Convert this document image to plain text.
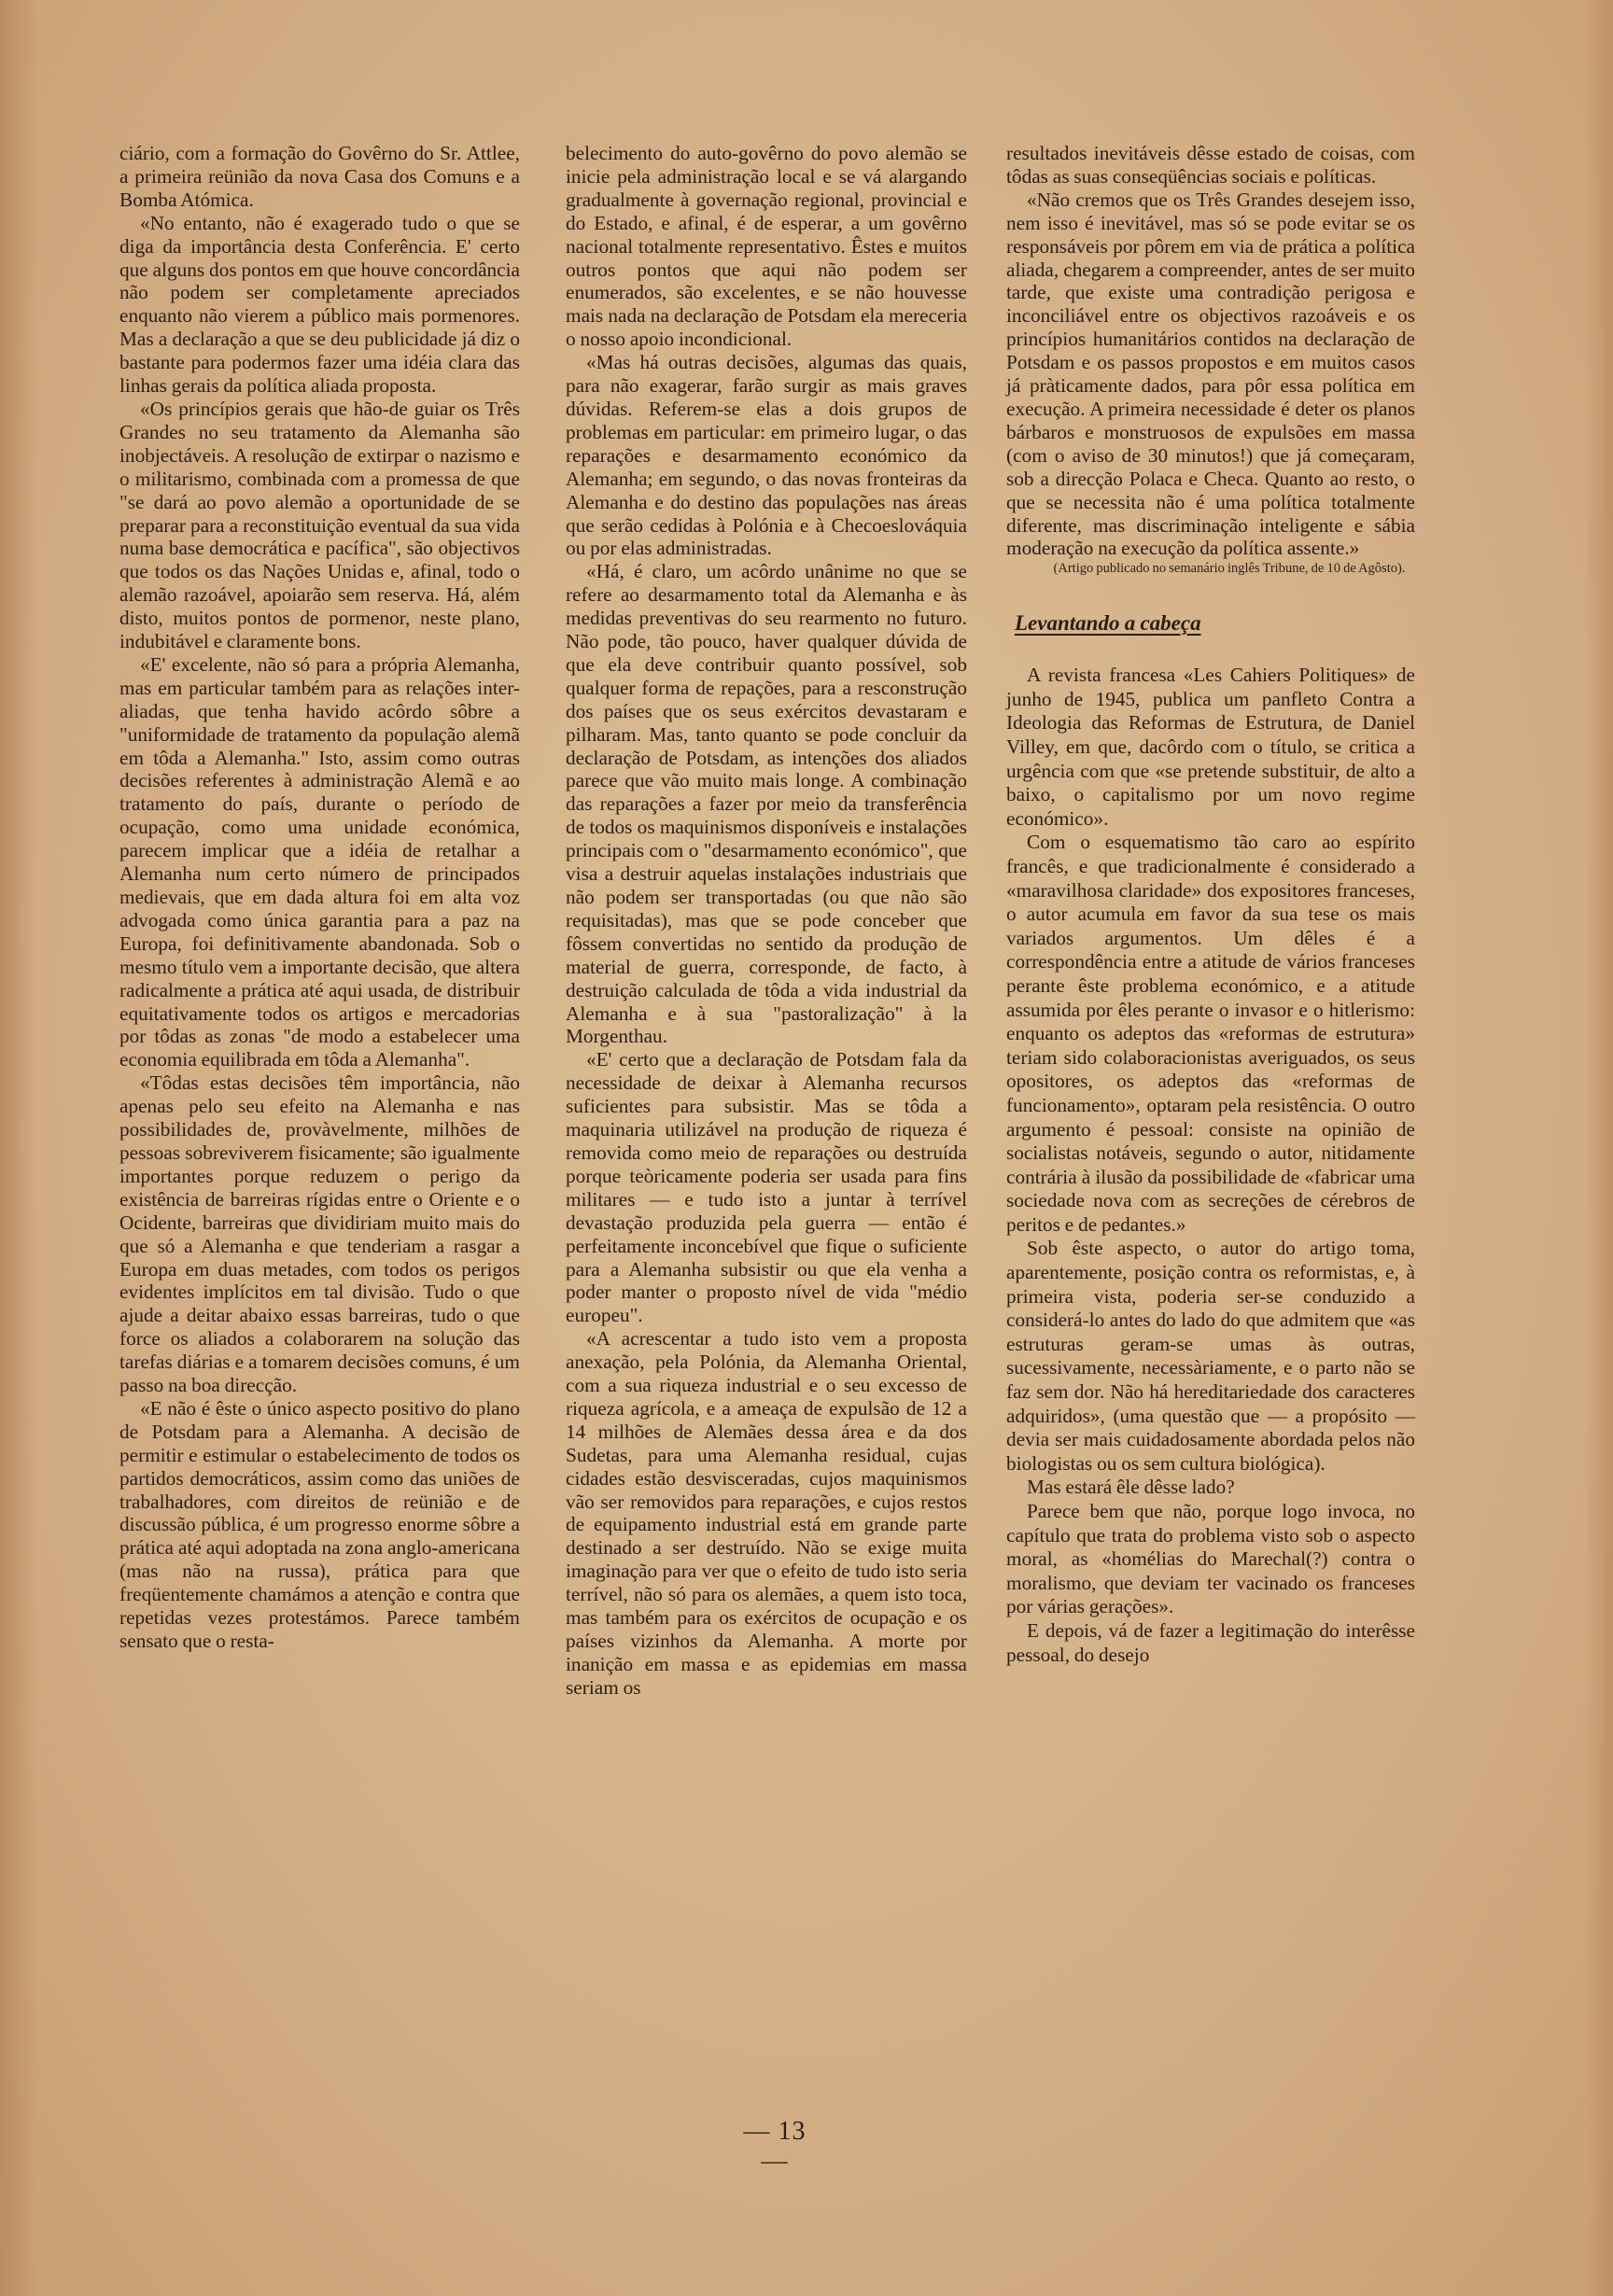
ciário, com a formação do Govêrno do Sr. Attlee, a primeira reünião da nova Casa dos Comuns e a Bomba Atómica.

«No entanto, não é exagerado tudo o que se diga da importância desta Conferência. E' certo que alguns dos pontos em que houve concordância não podem ser completamente apreciados enquanto não vierem a público mais pormenores. Mas a declaração a que se deu publicidade já diz o bastante para podermos fazer uma idéia clara das linhas gerais da política aliada proposta.

«Os princípios gerais que hão-de guiar os Três Grandes no seu tratamento da Alemanha são inobjectáveis. A resolução de extirpar o nazismo e o militarismo, combinada com a promessa de que "se dará ao povo alemão a oportunidade de se preparar para a reconstituição eventual da sua vida numa base democrática e pacífica", são objectivos que todos os das Nações Unidas e, afinal, todo o alemão razoável, apoiarão sem reserva. Há, além disto, muitos pontos de pormenor, neste plano, indubitável e claramente bons.

«E' excelente, não só para a própria Alemanha, mas em particular também para as relações inter-aliadas, que tenha havido acôrdo sôbre a "uniformidade de tratamento da população alemã em tôda a Alemanha." Isto, assim como outras decisões referentes à administração Alemã e ao tratamento do país, durante o período de ocupação, como uma unidade económica, parecem implicar que a idéia de retalhar a Alemanha num certo número de principados medievais, que em dada altura foi em alta voz advogada como única garantia para a paz na Europa, foi definitivamente abandonada. Sob o mesmo título vem a importante decisão, que altera radicalmente a prática até aqui usada, de distribuir equitativamente todos os artigos e mercadorias por tôdas as zonas "de modo a estabelecer uma economia equilibrada em tôda a Alemanha".

«Tôdas estas decisões têm importância, não apenas pelo seu efeito na Alemanha e nas possibilidades de, provàvelmente, milhões de pessoas sobreviverem fisicamente; são igualmente importantes porque reduzem o perigo da existência de barreiras rígidas entre o Oriente e o Ocidente, barreiras que dividiriam muito mais do que só a Alemanha e que tenderiam a rasgar a Europa em duas metades, com todos os perigos evidentes implícitos em tal divisão. Tudo o que ajude a deitar abaixo essas barreiras, tudo o que force os aliados a colaborarem na solução das tarefas diárias e a tomarem decisões comuns, é um passo na boa direcção.

«E não é êste o único aspecto positivo do plano de Potsdam para a Alemanha. A decisão de permitir e estimular o estabelecimento de todos os partidos democráticos, assim como das uniões de trabalhadores, com direitos de reünião e de discussão pública, é um progresso enorme sôbre a prática até aqui adoptada na zona anglo-americana (mas não na russa), prática para que freqüentemente chamámos a atenção e contra que repetidas vezes protestámos. Parece também sensato que o resta-

belecimento do auto-govêrno do povo alemão se inicie pela administração local e se vá alargando gradualmente à governação regional, provincial e do Estado, e afinal, é de esperar, a um govêrno nacional totalmente representativo. Êstes e muitos outros pontos que aqui não podem ser enumerados, são excelentes, e se não houvesse mais nada na declaração de Potsdam ela mereceria o nosso apoio incondicional.

«Mas há outras decisões, algumas das quais, para não exagerar, farão surgir as mais graves dúvidas. Referem-se elas a dois grupos de problemas em particular: em primeiro lugar, o das reparações e desarmamento económico da Alemanha; em segundo, o das novas fronteiras da Alemanha e do destino das populações nas áreas que serão cedidas à Polónia e à Checoeslováquia ou por elas administradas.

«Há, é claro, um acôrdo unânime no que se refere ao desarmamento total da Alemanha e às medidas preventivas do seu rearmento no futuro. Não pode, tão pouco, haver qualquer dúvida de que ela deve contribuir quanto possível, sob qualquer forma de repações, para a resconstrução dos países que os seus exércitos devastaram e pilharam. Mas, tanto quanto se pode concluir da declaração de Potsdam, as intenções dos aliados parece que vão muito mais longe. A combinação das reparações a fazer por meio da transferência de todos os maquinismos disponíveis e instalações principais com o "desarmamento económico", que visa a destruir aquelas instalações industriais que não podem ser transportadas (ou que não são requisitadas), mas que se pode conceber que fôssem convertidas no sentido da produção de material de guerra, corresponde, de facto, à destruição calculada de tôda a vida industrial da Alemanha e à sua "pastoralização" à la Morgenthau.

«E' certo que a declaração de Potsdam fala da necessidade de deixar à Alemanha recursos suficientes para subsistir. Mas se tôda a maquinaria utilizável na produção de riqueza é removida como meio de reparações ou destruída porque teòricamente poderia ser usada para fins militares — e tudo isto a juntar à terrível devastação produzida pela guerra — então é perfeitamente inconcebível que fique o suficiente para a Alemanha subsistir ou que ela venha a poder manter o proposto nível de vida "médio europeu".

«A acrescentar a tudo isto vem a proposta anexação, pela Polónia, da Alemanha Oriental, com a sua riqueza industrial e o seu excesso de riqueza agrícola, e a ameaça de expulsão de 12 a 14 milhões de Alemães dessa área e da dos Sudetas, para uma Alemanha residual, cujas cidades estão desvisceradas, cujos maquinismos vão ser removidos para reparações, e cujos restos de equipamento industrial está em grande parte destinado a ser destruído. Não se exige muita imaginação para ver que o efeito de tudo isto seria terrível, não só para os alemães, a quem isto toca, mas também para os exércitos de ocupação e os países vizinhos da Alemanha. A morte por inanição em massa e as epidemias em massa seriam os

resultados inevitáveis dêsse estado de coisas, com tôdas as suas conseqüências sociais e políticas.

«Não cremos que os Três Grandes desejem isso, nem isso é inevitável, mas só se pode evitar se os responsáveis por pôrem em via de prática a política aliada, chegarem a compreender, antes de ser muito tarde, que existe uma contradição perigosa e inconciliável entre os objectivos razoáveis e os princípios humanitários contidos na declaração de Potsdam e os passos propostos e em muitos casos já pràticamente dados, para pôr essa política em execução. A primeira necessidade é deter os planos bárbaros e monstruosos de expulsões em massa (com o aviso de 30 minutos!) que já começaram, sob a direcção Polaca e Checa. Quanto ao resto, o que se necessita não é uma política totalmente diferente, mas discriminação inteligente e sábia moderação na execução da política assente.»

(Artigo publicado no semanário inglês Tribune, de 10 de Agôsto).

Levantando a cabeça

A revista francesa «Les Cahiers Politiques» de junho de 1945, publica um panfleto Contra a Ideologia das Reformas de Estrutura, de Daniel Villey, em que, dacôrdo com o título, se critica a urgência com que «se pretende substituir, de alto a baixo, o capitalismo por um novo regime económico».

Com o esquematismo tão caro ao espírito francês, e que tradicionalmente é considerado a «maravilhosa claridade» dos expositores franceses, o autor acumula em favor da sua tese os mais variados argumentos. Um dêles é a correspondência entre a atitude de vários franceses perante êste problema económico, e a atitude assumida por êles perante o invasor e o hitlerismo: enquanto os adeptos das «reformas de estrutura» teriam sido colaboracionistas averiguados, os seus opositores, os adeptos das «reformas de funcionamento», optaram pela resistência. O outro argumento é pessoal: consiste na opinião de socialistas notáveis, segundo o autor, nitidamente contrária à ilusão da possibilidade de «fabricar uma sociedade nova com as secreções de cérebros de peritos e de pedantes.»

Sob êste aspecto, o autor do artigo toma, aparentemente, posição contra os reformistas, e, à primeira vista, poderia ser-se conduzido a considerá-lo antes do lado do que admitem que «as estruturas geram-se umas às outras, sucessivamente, necessàriamente, e o parto não se faz sem dor. Não há hereditariedade dos caracteres adquiridos», (uma questão que — a propósito — devia ser mais cuidadosamente abordada pelos não biologistas ou os sem cultura biológica).

Mas estará êle dêsse lado?

Parece bem que não, porque logo invoca, no capítulo que trata do problema visto sob o aspecto moral, as «homélias do Marechal(?) contra o moralismo, que deviam ter vacinado os franceses por várias gerações».

E depois, vá de fazer a legitimação do interêsse pessoal, do desejo

— 13 —
